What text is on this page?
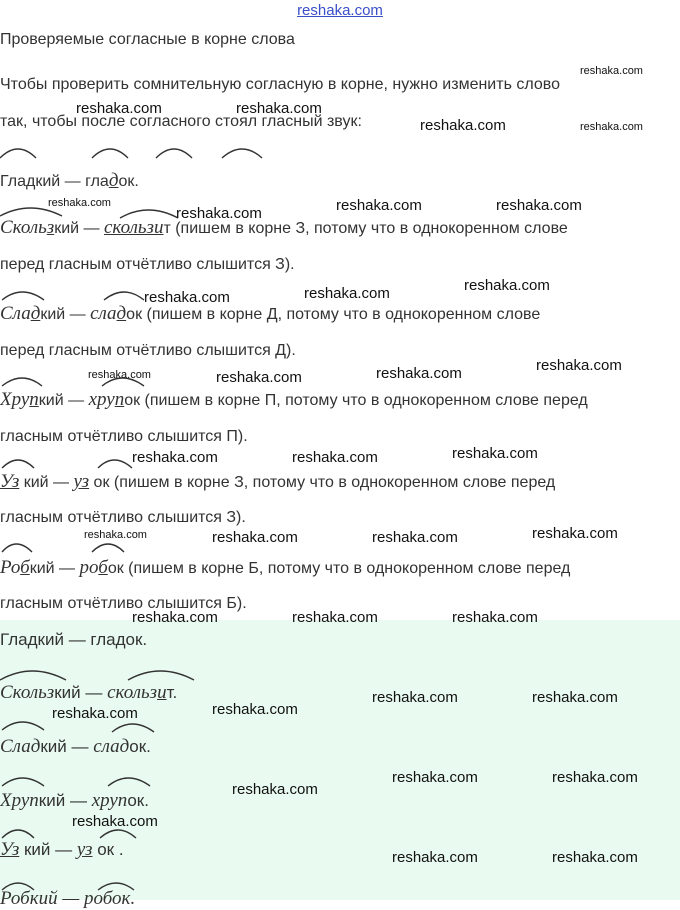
reshaka.com
Проверяемые согласные в корне слова
Чтобы проверить сомнительную согласную в корне, нужно изменить слово
так, чтобы после согласного стоял гласный звук:
Гладкий — гладок.
Скользкий — скользит (пишем в корне З, потому что в однокоренном слове
перед гласным отчётливо слышится З).
Сладкий — сладок (пишем в корне Д, потому что в однокоренном слове
перед гласным отчётливо слышится Д).
Хрупкий — хрупок (пишем в корне П, потому что в однокоренном слове перед
гласным отчётливо слышится П).
Уз кий — уз ок (пишем в корне З, потому что в однокоренном слове перед
гласным отчётливо слышится З).
Робкий — робок (пишем в корне Б, потому что в однокоренном слове перед
гласным отчётливо слышится Б).
Гладкий — гладок.
Скользкий — скользит.
Сладкий — сладок.
Хрупкий — хрупок.
Уз кий — уз ок .
Робкий — робок.
reshaka.com
reshaka.com	reshaka.com
reshaka.com	reshaka.com
reshaka.com
reshaka.com	reshaka.com	reshaka.com
reshaka.com
reshaka.com
reshaka.com
reshaka.com
reshaka.com
reshaka.com
reshaka.com
reshaka.com
reshaka.com	reshaka.com
reshaka.com
reshaka.com
reshaka.com	reshaka.com
reshaka.com	reshaka.com	reshaka.com
reshaka.com	reshaka.com
reshaka.com
reshaka.com
reshaka.com	reshaka.com
reshaka.com
reshaka.com
reshaka.com	reshaka.com
